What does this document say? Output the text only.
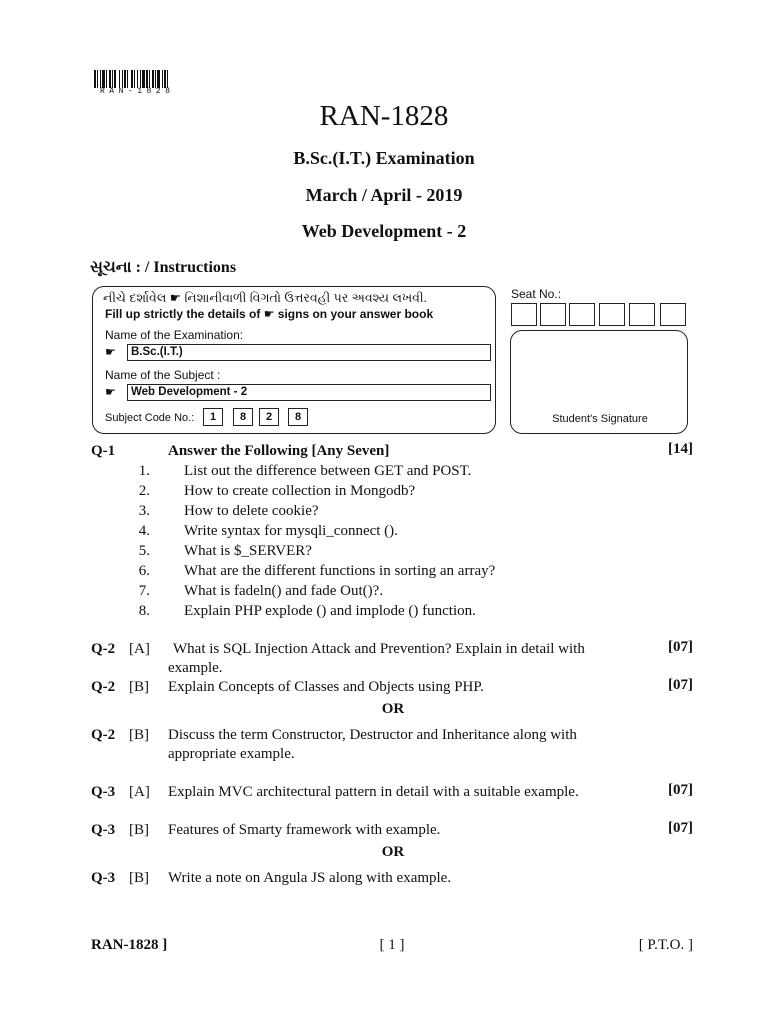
RAN-1828
RAN-1828
B.Sc.(I.T.) Examination
March / April - 2019
Web Development - 2
સૂચના : / Instructions
નીચે દર્શાવેલ ☛ નિશાનીવાળી વિગતો ઉત્તરવહી પર અવશ્ય લખવી.
Fill up strictly the details of ☛ signs on your answer book
Name of the Examination:
☛	B.Sc.(I.T.)
Name of the Subject :
☛	Web Development - 2
Subject Code No.:	1	8	2	8
Seat No.:
Student's Signature
Q-1	Answer the Following [Any Seven]	[14]
1. List out the difference between GET and POST.
2. How to create collection in Mongodb?
3. How to delete cookie?
4. Write syntax for mysqli_connect ().
5. What is $_SERVER?
6. What are the different functions in sorting an array?
7. What is fadeln() and fade Out()?.
8. Explain PHP explode () and implode () function.
Q-2 [A] What is SQL Injection Attack and Prevention? Explain in detail with
example.
[07]
Q-2 [B] Explain Concepts of Classes and Objects using PHP.	[07]
OR
Q-2 [B] Discuss the term Constructor, Destructor and Inheritance along with
appropriate example.
Q-3 [A] Explain MVC architectural pattern in detail with a suitable example.	[07]
Q-3 [B] Features of Smarty framework with example.	[07]
OR
Q-3 [B] Write a note on Angula JS along with example.
RAN-1828 ]	[ 1 ]	[ P.T.O. ]
